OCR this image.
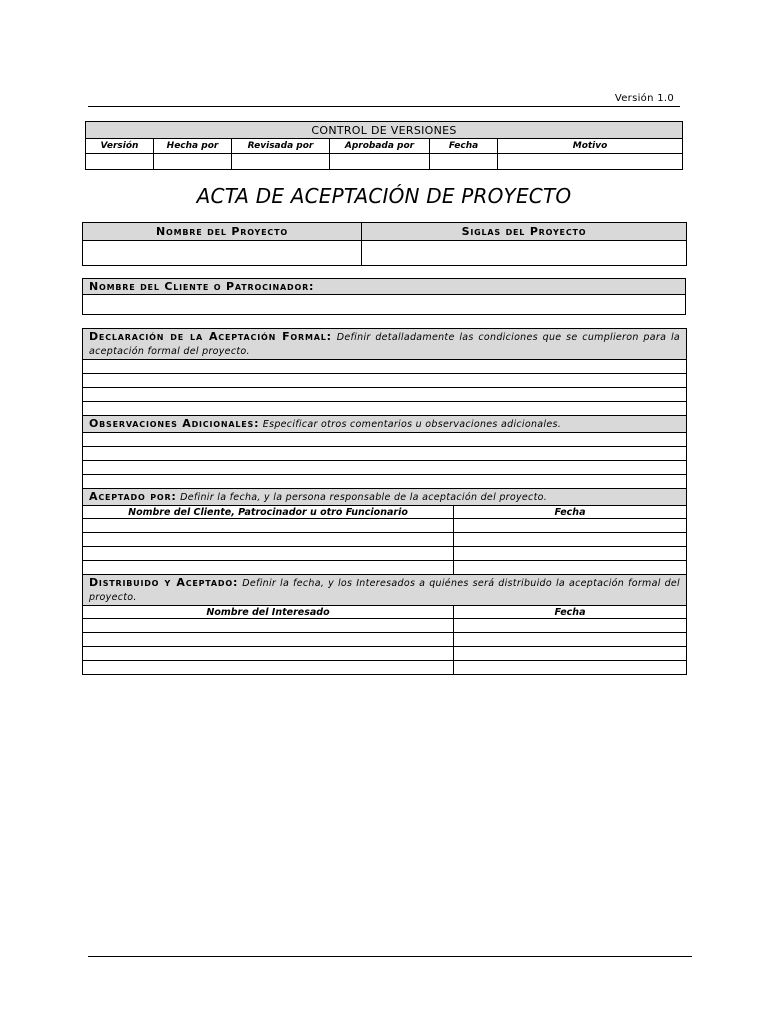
Versión 1.0
CONTROL DE VERSIONES					
Versión	Hecha por	Revisada por	Aprobada por	Fecha	Motivo

ACTA DE ACEPTACIÓN DE PROYECTO
Nombre del Proyecto	Siglas del Proyecto

Nombre del Cliente o Patrocinador:

Declaración de la Aceptación Formal: Definir detalladamente las condiciones que se cumplieron para la aceptación formal del proyecto.	

Observaciones Adicionales: Especificar otros comentarios u observaciones adicionales.	

Aceptado por: Definir la fecha, y la persona responsable de la aceptación del proyecto.	
Nombre del Cliente, Patrocinador u otro Funcionario	Fecha

Distribuido y Aceptado: Definir la fecha, y los Interesados a quiénes será distribuido la aceptación formal del proyecto.	
Nombre del Interesado	Fecha
